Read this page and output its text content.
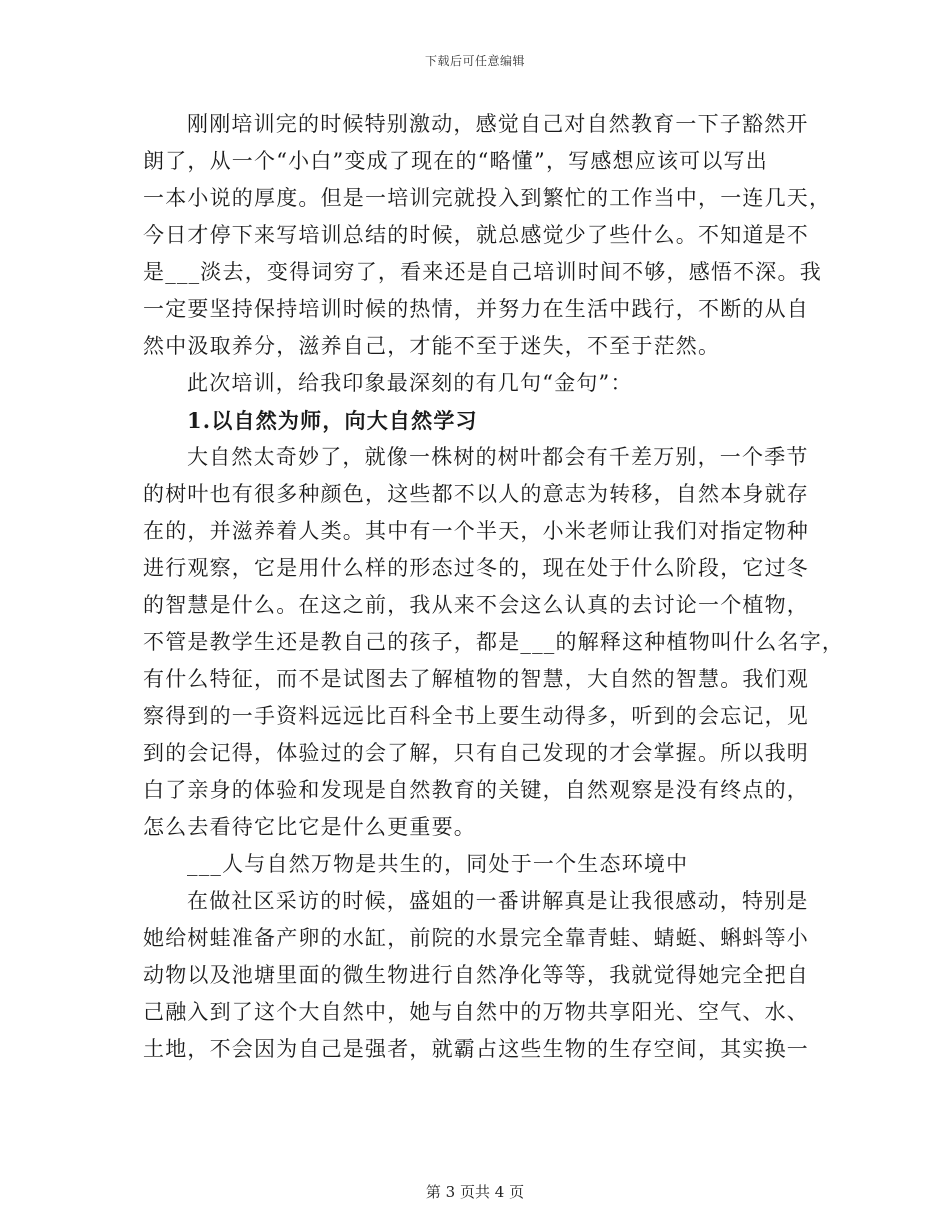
下载后可任意编辑
刚刚培训完的时候特别激动，感觉自己对自然教育一下子豁然开
朗了，从一个“小白”变成了现在的“略懂”，写感想应该可以写出
一本小说的厚度。但是一培训完就投入到繁忙的工作当中，一连几天，
今日才停下来写培训总结的时候，就总感觉少了些什么。不知道是不
是___淡去，变得词穷了，看来还是自己培训时间不够，感悟不深。我
一定要坚持保持培训时候的热情，并努力在生活中践行，不断的从自
然中汲取养分，滋养自己，才能不至于迷失，不至于茫然。
此次培训，给我印象最深刻的有几句“金句”：
1.以自然为师，向大自然学习
大自然太奇妙了，就像一株树的树叶都会有千差万别，一个季节
的树叶也有很多种颜色，这些都不以人的意志为转移，自然本身就存
在的，并滋养着人类。其中有一个半天，小米老师让我们对指定物种
进行观察，它是用什么样的形态过冬的，现在处于什么阶段，它过冬
的智慧是什么。在这之前，我从来不会这么认真的去讨论一个植物，
不管是教学生还是教自己的孩子，都是___的解释这种植物叫什么名字，
有什么特征，而不是试图去了解植物的智慧，大自然的智慧。我们观
察得到的一手资料远远比百科全书上要生动得多，听到的会忘记，见
到的会记得，体验过的会了解，只有自己发现的才会掌握。所以我明
白了亲身的体验和发现是自然教育的关键，自然观察是没有终点的，
怎么去看待它比它是什么更重要。
___人与自然万物是共生的，同处于一个生态环境中
在做社区采访的时候，盛姐的一番讲解真是让我很感动，特别是
她给树蛙准备产卵的水缸，前院的水景完全靠青蛙、蜻蜓、蝌蚪等小
动物以及池塘里面的微生物进行自然净化等等，我就觉得她完全把自
己融入到了这个大自然中，她与自然中的万物共享阳光、空气、水、
土地，不会因为自己是强者，就霸占这些生物的生存空间，其实换一
第 3 页共 4 页
